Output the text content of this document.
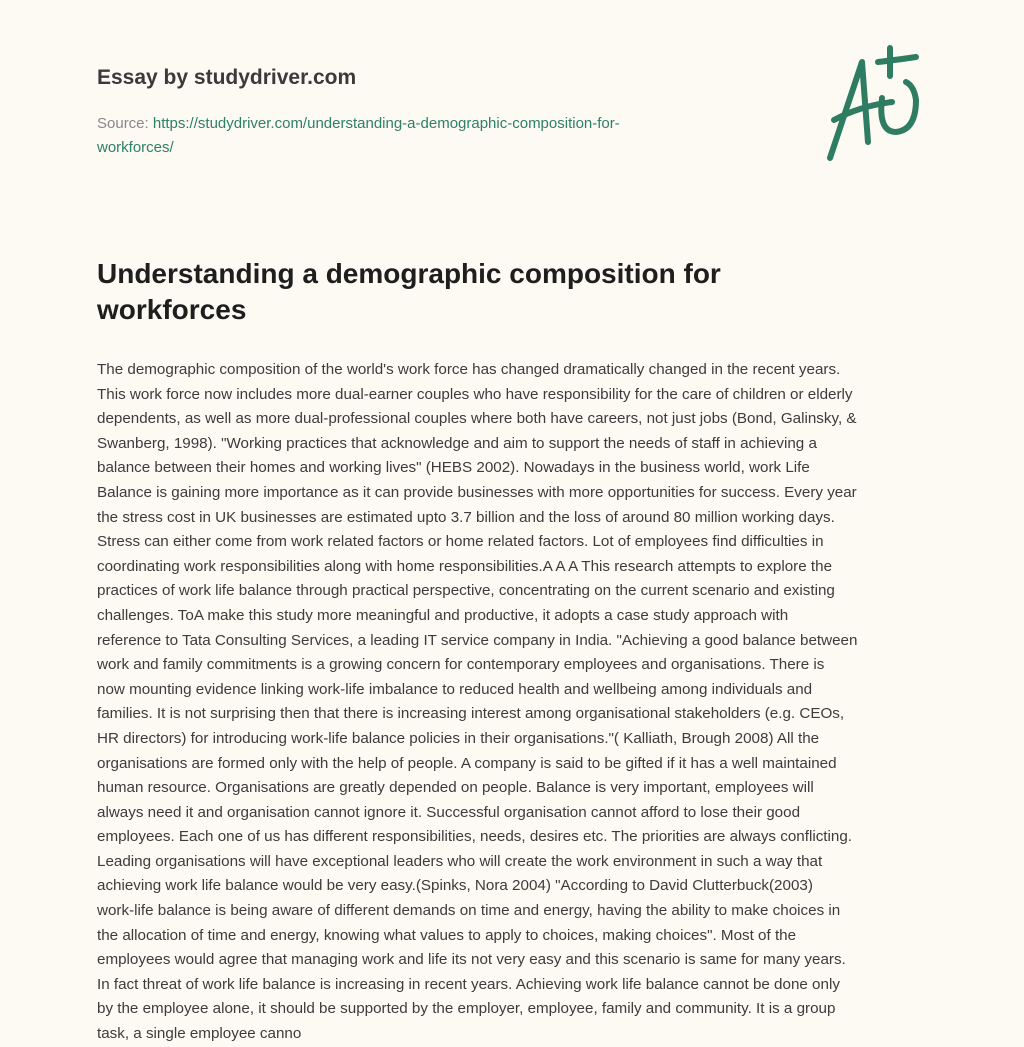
Essay by studydriver.com
Source: https://studydriver.com/understanding-a-demographic-composition-for-
workforces/
Understanding a demographic composition for
workforces
The demographic composition of the world's work force has changed dramatically changed in the recent years.
This work force now includes more dual-earner couples who have responsibility for the care of children or elderly
dependents, as well as more dual-professional couples where both have careers, not just jobs (Bond, Galinsky, &
Swanberg, 1998). "Working practices that acknowledge and aim to support the needs of staff in achieving a
balance between their homes and working lives" (HEBS 2002). Nowadays in the business world, work Life
Balance is gaining more importance as it can provide businesses with more opportunities for success. Every year
the stress cost in UK businesses are estimated upto 3.7 billion and the loss of around 80 million working days.
Stress can either come from work related factors or home related factors. Lot of employees find difficulties in
coordinating work responsibilities along with home responsibilities.A A A This research attempts to explore the
practices of work life balance through practical perspective, concentrating on the current scenario and existing
challenges. ToA make this study more meaningful and productive, it adopts a case study approach with
reference to Tata Consulting Services, a leading IT service company in India. "Achieving a good balance between
work and family commitments is a growing concern for contemporary employees and organisations. There is
now mounting evidence linking work-life imbalance to reduced health and wellbeing among individuals and
families. It is not surprising then that there is increasing interest among organisational stakeholders (e.g. CEOs,
HR directors) for introducing work-life balance policies in their organisations."( Kalliath, Brough 2008) All the
organisations are formed only with the help of people. A company is said to be gifted if it has a well maintained
human resource. Organisations are greatly depended on people. Balance is very important, employees will
always need it and organisation cannot ignore it. Successful organisation cannot afford to lose their good
employees. Each one of us has different responsibilities, needs, desires etc. The priorities are always conflicting.
Leading organisations will have exceptional leaders who will create the work environment in such a way that
achieving work life balance would be very easy.(Spinks, Nora 2004) "According to David Clutterbuck(2003)
work-life balance is being aware of different demands on time and energy, having the ability to make choices in
the allocation of time and energy, knowing what values to apply to choices, making choices". Most of the
employees would agree that managing work and life its not very easy and this scenario is same for many years.
In fact threat of work life balance is increasing in recent years. Achieving work life balance cannot be done only
by the employee alone, it should be supported by the employer, employee, family and community. It is a group
task, a single employee canno
